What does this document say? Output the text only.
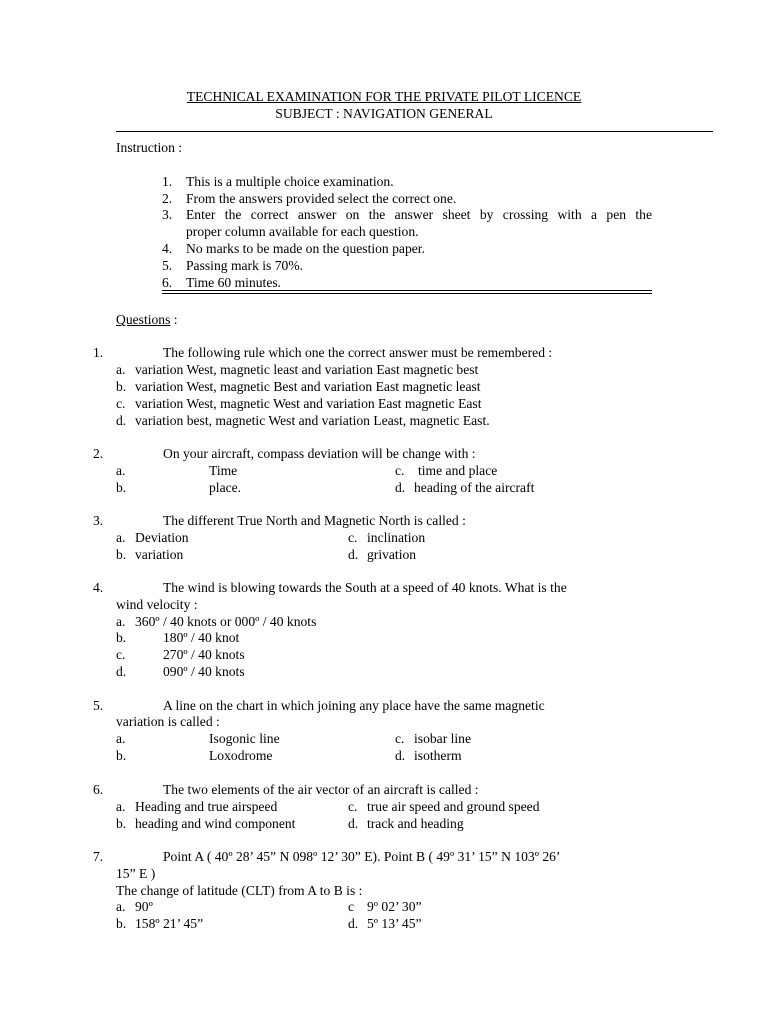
TECHNICAL EXAMINATION FOR THE PRIVATE PILOT LICENCE
SUBJECT : NAVIGATION GENERAL
Instruction :
1. This is a multiple choice examination.
2. From the answers provided select the correct one.
3. Enter the correct answer on the answer sheet by crossing with a pen the
proper column available for each question.
4. No marks to be made on the question paper.
5. Passing mark is 70%.
6. Time 60 minutes.
Questions :
1.	The following rule which one the correct answer must be remembered :
a. variation West, magnetic least and variation East magnetic best
b. variation West, magnetic Best and variation East magnetic least
c. variation West, magnetic West and variation East magnetic East
d. variation best, magnetic West and variation Least, magnetic East.
2.	On your aircraft, compass deviation will be change with :
a.	Time	c. time and place
b.	place.	d. heading of the aircraft
3.	The different True North and Magnetic North is called :
a. Deviation	c. inclination
b. variation	d. grivation
4.	The wind is blowing towards the South at a speed of 40 knots. What is the
wind velocity :
a. 360º / 40 knots or 000º / 40 knots
b.	180º / 40 knot
c.	270º / 40 knots
d.	090º / 40 knots
5.	A line on the chart in which joining any place have the same magnetic
variation is called :
a.	Isogonic line	c. isobar line
b.	Loxodrome	d. isotherm
6.	The two elements of the air vector of an aircraft is called :
a. Heading and true airspeed	c. true air speed and ground speed
b. heading and wind component	d. track and heading
7.	Point A ( 40º 28’ 45” N 098º 12’ 30” E). Point B ( 49º 31’ 15” N 103º 26’
15” E )
The change of latitude (CLT) from A to B is :
a. 90º	c 9º 02’ 30”
b. 158º 21’ 45”	d. 5º 13’ 45”
